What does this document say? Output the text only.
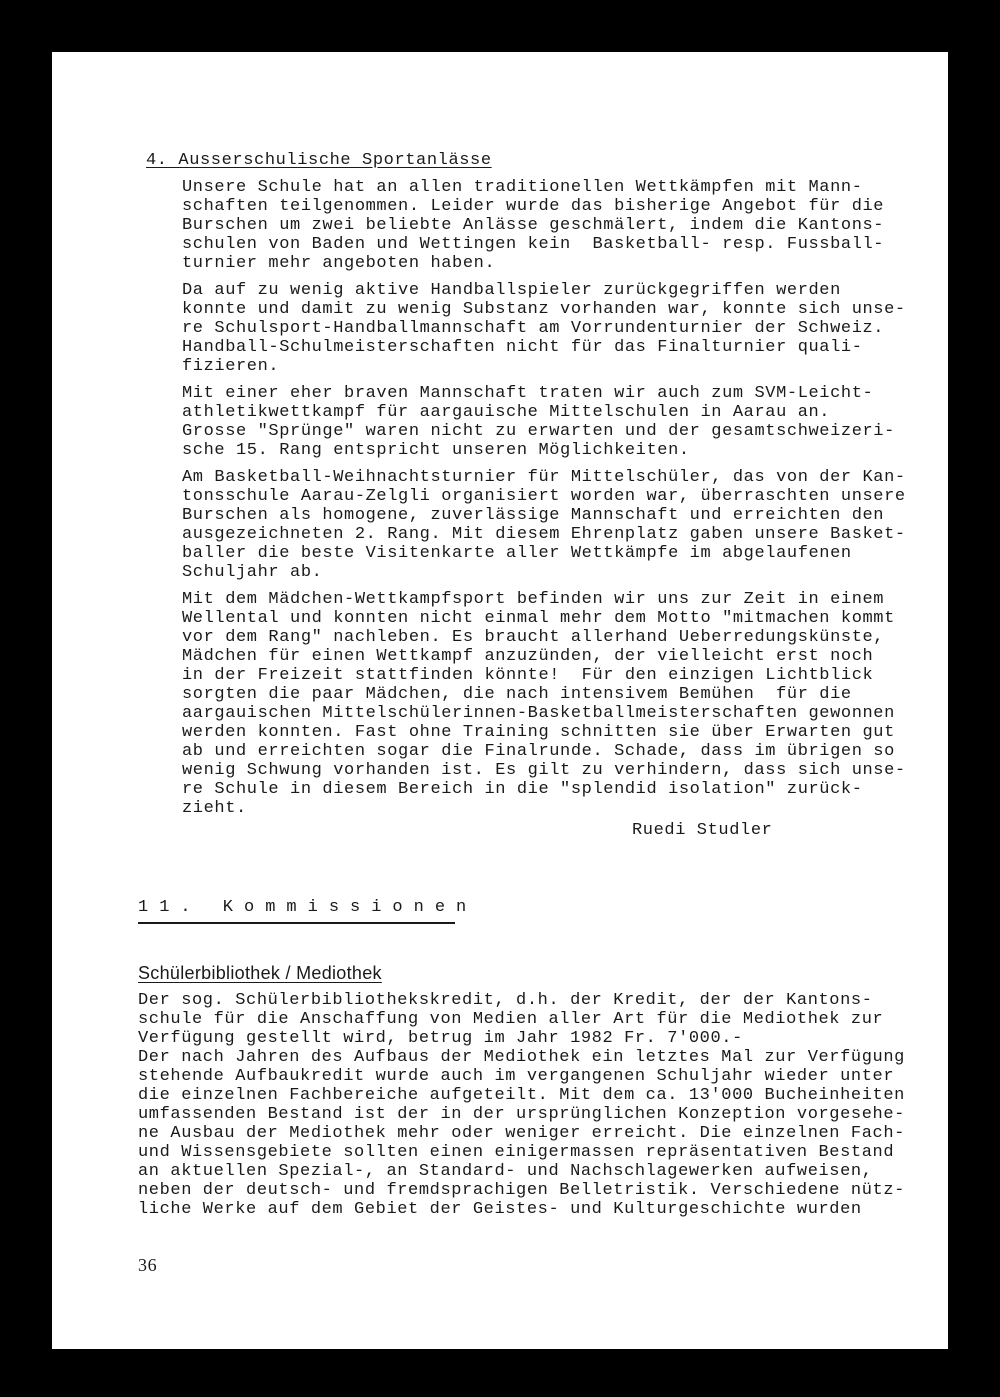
4. Ausserschulische Sportanlässe
Unsere Schule hat an allen traditionellen Wettkämpfen mit Mann-
schaften teilgenommen. Leider wurde das bisherige Angebot für die
Burschen um zwei beliebte Anlässe geschmälert, indem die Kantons-
schulen von Baden und Wettingen kein  Basketball- resp. Fussball-
turnier mehr angeboten haben.
Da auf zu wenig aktive Handballspieler zurückgegriffen werden
konnte und damit zu wenig Substanz vorhanden war, konnte sich unse-
re Schulsport-Handballmannschaft am Vorrundenturnier der Schweiz.
Handball-Schulmeisterschaften nicht für das Finalturnier quali-
fizieren.
Mit einer eher braven Mannschaft traten wir auch zum SVM-Leicht-
athletikwettkampf für aargauische Mittelschulen in Aarau an.
Grosse "Sprünge" waren nicht zu erwarten und der gesamtschweizeri-
sche 15. Rang entspricht unseren Möglichkeiten.
Am Basketball-Weihnachtsturnier für Mittelschüler, das von der Kan-
tonsschule Aarau-Zelgli organisiert worden war, überraschten unsere
Burschen als homogene, zuverlässige Mannschaft und erreichten den
ausgezeichneten 2. Rang. Mit diesem Ehrenplatz gaben unsere Basket-
baller die beste Visitenkarte aller Wettkämpfe im abgelaufenen
Schuljahr ab.
Mit dem Mädchen-Wettkampfsport befinden wir uns zur Zeit in einem
Wellental und konnten nicht einmal mehr dem Motto "mitmachen kommt
vor dem Rang" nachleben. Es braucht allerhand Ueberredungskünste,
Mädchen für einen Wettkampf anzuzünden, der vielleicht erst noch
in der Freizeit stattfinden könnte!  Für den einzigen Lichtblick
sorgten die paar Mädchen, die nach intensivem Bemühen  für die
aargauischen Mittelschülerinnen-Basketballmeisterschaften gewonnen
werden konnten. Fast ohne Training schnitten sie über Erwarten gut
ab und erreichten sogar die Finalrunde. Schade, dass im übrigen so
wenig Schwung vorhanden ist. Es gilt zu verhindern, dass sich unse-
re Schule in diesem Bereich in die "splendid isolation" zurück-
zieht.
Ruedi Studler
11. Kommissionen
Schülerbibliothek / Mediothek
Der sog. Schülerbibliothekskredit, d.h. der Kredit, der der Kantons-
schule für die Anschaffung von Medien aller Art für die Mediothek zur
Verfügung gestellt wird, betrug im Jahr 1982 Fr. 7'000.-
Der nach Jahren des Aufbaus der Mediothek ein letztes Mal zur Verfügung
stehende Aufbaukredit wurde auch im vergangenen Schuljahr wieder unter
die einzelnen Fachbereiche aufgeteilt. Mit dem ca. 13'000 Bucheinheiten
umfassenden Bestand ist der in der ursprünglichen Konzeption vorgesehe-
ne Ausbau der Mediothek mehr oder weniger erreicht. Die einzelnen Fach-
und Wissensgebiete sollten einen einigermassen repräsentativen Bestand
an aktuellen Spezial-, an Standard- und Nachschlagewerken aufweisen,
neben der deutsch- und fremdsprachigen Belletristik. Verschiedene nütz-
liche Werke auf dem Gebiet der Geistes- und Kulturgeschichte wurden
36
